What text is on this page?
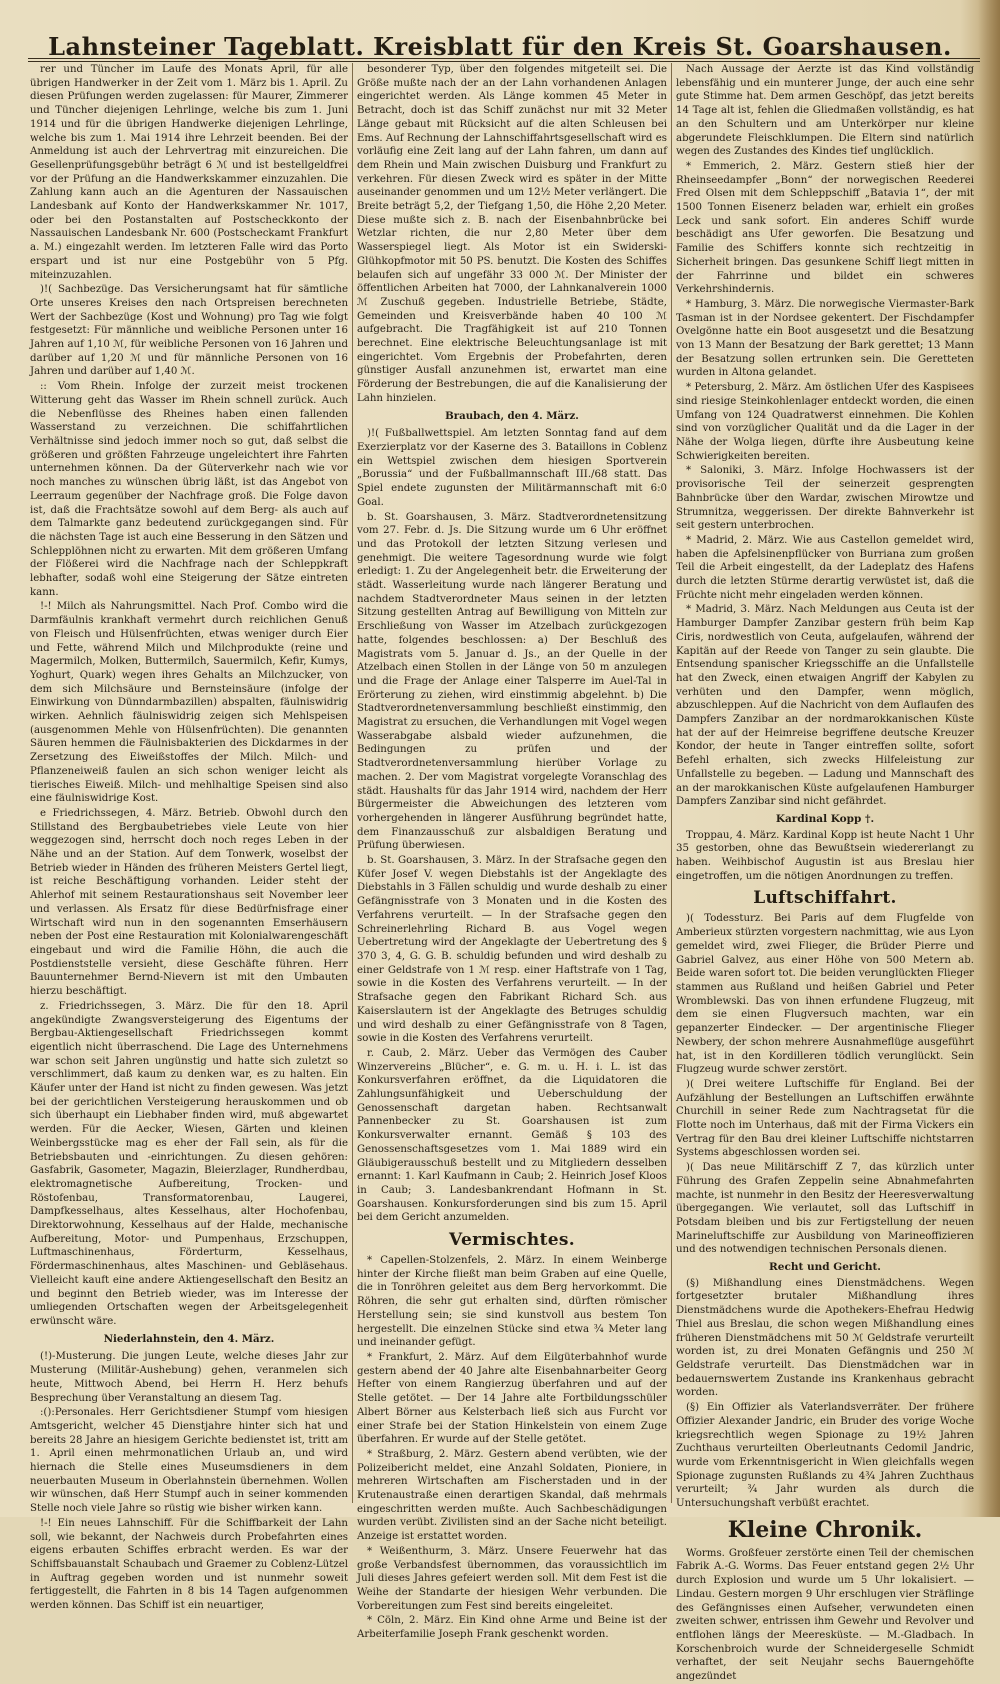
Lahnsteiner Tageblatt. Kreisblatt für den Kreis St. Goarshausen.

rer und Tüncher im Laufe des Monats April, für alle übrigen Handwerker in der Zeit vom 1. März bis 1. April. Zu diesen Prüfungen werden zugelassen: für Maurer, Zimmerer und Tüncher diejenigen Lehrlinge, welche bis zum 1. Juni 1914 und für die übrigen Handwerke diejenigen Lehrlinge, welche bis zum 1. Mai 1914 ihre Lehrzeit beenden. Bei der Anmeldung ist auch der Lehrvertrag mit einzureichen. Die Gesellenprüfungsgebühr beträgt 6 ℳ und ist bestellgeldfrei vor der Prüfung an die Handwerkskammer einzuzahlen. Die Zahlung kann auch an die Agenturen der Nassauischen Landesbank auf Konto der Handwerkskammer Nr. 1017, oder bei den Postanstalten auf Postscheckkonto der Nassauischen Landesbank Nr. 600 (Postscheckamt Frankfurt a. M.) eingezahlt werden. Im letzteren Falle wird das Porto erspart und ist nur eine Postgebühr von 5 Pfg. miteinzuzahlen.

)!( Sachbezüge. Das Versicherungsamt hat für sämtliche Orte unseres Kreises den nach Ortspreisen berechneten Wert der Sachbezüge (Kost und Wohnung) pro Tag wie folgt festgesetzt: Für männliche und weibliche Personen unter 16 Jahren auf 1,10 ℳ, für weibliche Personen von 16 Jahren und darüber auf 1,20 ℳ und für männliche Personen von 16 Jahren und darüber auf 1,40 ℳ.

:: Vom Rhein. Infolge der zurzeit meist trockenen Witterung geht das Wasser im Rhein schnell zurück. Auch die Nebenflüsse des Rheines haben einen fallenden Wasserstand zu verzeichnen. Die schiffahrtlichen Verhältnisse sind jedoch immer noch so gut, daß selbst die größeren und größten Fahrzeuge ungeleichtert ihre Fahrten unternehmen können. Da der Güterverkehr nach wie vor noch manches zu wünschen übrig läßt, ist das Angebot von Leerraum gegenüber der Nachfrage groß. Die Folge davon ist, daß die Frachtsätze sowohl auf dem Berg- als auch auf dem Talmarkte ganz bedeutend zurückgegangen sind. Für die nächsten Tage ist auch eine Besserung in den Sätzen und Schlepplöhnen nicht zu erwarten. Mit dem größeren Umfang der Flößerei wird die Nachfrage nach der Schleppkraft lebhafter, sodaß wohl eine Steigerung der Sätze eintreten kann.

!-! Milch als Nahrungsmittel. Nach Prof. Combo wird die Darmfäulnis krankhaft vermehrt durch reichlichen Genuß von Fleisch und Hülsenfrüchten, etwas weniger durch Eier und Fette, während Milch und Milchprodukte (reine und Magermilch, Molken, Buttermilch, Sauermilch, Kefir, Kumys, Yoghurt, Quark) wegen ihres Gehalts an Milchzucker, von dem sich Milchsäure und Bernsteinsäure (infolge der Einwirkung von Dünndarmbazillen) abspalten, fäulniswidrig wirken. Aehnlich fäulniswidrig zeigen sich Mehlspeisen (ausgenommen Mehle von Hülsenfrüchten). Die genannten Säuren hemmen die Fäulnisbakterien des Dickdarmes in der Zersetzung des Eiweißstoffes der Milch. Milch- und Pflanzeneiweiß faulen an sich schon weniger leicht als tierisches Eiweiß. Milch- und mehlhaltige Speisen sind also eine fäulniswidrige Kost.

e Friedrichssegen, 4. März. Betrieb. Obwohl durch den Stillstand des Bergbaubetriebes viele Leute von hier weggezogen sind, herrscht doch noch reges Leben in der Nähe und an der Station. Auf dem Tonwerk, woselbst der Betrieb wieder in Händen des früheren Meisters Gertel liegt, ist reiche Beschäftigung vorhanden. Leider steht der Ahlerhof mit seinem Restaurationshaus seit November leer und verlassen. Als Ersatz für diese Bedürfnisfrage einer Wirtschaft wird nun in den sogenannten Emserhäusern neben der Post eine Restauration mit Kolonialwarengeschäft eingebaut und wird die Familie Höhn, die auch die Postdienststelle versieht, diese Geschäfte führen. Herr Bauunternehmer Bernd-Nievern ist mit den Umbauten hierzu beschäftigt.

z. Friedrichssegen, 3. März. Die für den 18. April angekündigte Zwangsversteigerung des Eigentums der Bergbau-Aktiengesellschaft Friedrichssegen kommt eigentlich nicht überraschend. Die Lage des Unternehmens war schon seit Jahren ungünstig und hatte sich zuletzt so verschlimmert, daß kaum zu denken war, es zu halten. Ein Käufer unter der Hand ist nicht zu finden gewesen. Was jetzt bei der gerichtlichen Versteigerung herauskommen und ob sich überhaupt ein Liebhaber finden wird, muß abgewartet werden. Für die Aecker, Wiesen, Gärten und kleinen Weinbergsstücke mag es eher der Fall sein, als für die Betriebsbauten und -einrichtungen. Zu diesen gehören: Gasfabrik, Gasometer, Magazin, Bleierzlager, Rundherdbau, elektromagnetische Aufbereitung, Trocken- und Röstofenbau, Transformatorenbau, Laugerei, Dampfkesselhaus, altes Kesselhaus, alter Hochofenbau, Direktorwohnung, Kesselhaus auf der Halde, mechanische Aufbereitung, Motor- und Pumpenhaus, Erzschuppen, Luftmaschinenhaus, Förderturm, Kesselhaus, Fördermaschinenhaus, altes Maschinen- und Gebläsehaus. Vielleicht kauft eine andere Aktiengesellschaft den Besitz an und beginnt den Betrieb wieder, was im Interesse der umliegenden Ortschaften wegen der Arbeitsgelegenheit erwünscht wäre.

Niederlahnstein, den 4. März.

(!)-Musterung. Die jungen Leute, welche dieses Jahr zur Musterung (Militär-Aushebung) gehen, veranmelen sich heute, Mittwoch Abend, bei Herrn H. Herz behufs Besprechung über Veranstaltung an diesem Tag.

:():Personales. Herr Gerichtsdiener Stumpf vom hiesigen Amtsgericht, welcher 45 Dienstjahre hinter sich hat und bereits 28 Jahre an hiesigem Gerichte bedienstet ist, tritt am 1. April einen mehrmonatlichen Urlaub an, und wird hiernach die Stelle eines Museumsdieners in dem neuerbauten Museum in Oberlahnstein übernehmen. Wollen wir wünschen, daß Herr Stumpf auch in seiner kommenden Stelle noch viele Jahre so rüstig wie bisher wirken kann.

!-! Ein neues Lahnschiff. Für die Schiffbarkeit der Lahn soll, wie bekannt, der Nachweis durch Probefahrten eines eigens erbauten Schiffes erbracht werden. Es war der Schiffsbauanstalt Schaubach und Graemer zu Coblenz-Lützel in Auftrag gegeben worden und ist nunmehr soweit fertiggestellt, die Fahrten in 8 bis 14 Tagen aufgenommen werden können. Das Schiff ist ein neuartiger,

besonderer Typ, über den folgendes mitgeteilt sei. Die Größe mußte nach der an der Lahn vorhandenen Anlagen eingerichtet werden. Als Länge kommen 45 Meter in Betracht, doch ist das Schiff zunächst nur mit 32 Meter Länge gebaut mit Rücksicht auf die alten Schleusen bei Ems. Auf Rechnung der Lahnschiffahrtsgesellschaft wird es vorläufig eine Zeit lang auf der Lahn fahren, um dann auf dem Rhein und Main zwischen Duisburg und Frankfurt zu verkehren. Für diesen Zweck wird es später in der Mitte auseinander genommen und um 12½ Meter verlängert. Die Breite beträgt 5,2, der Tiefgang 1,50, die Höhe 2,20 Meter. Diese mußte sich z. B. nach der Eisenbahnbrücke bei Wetzlar richten, die nur 2,80 Meter über dem Wasserspiegel liegt. Als Motor ist ein Swiderski-Glühkopfmotor mit 50 PS. benutzt. Die Kosten des Schiffes belaufen sich auf ungefähr 33 000 ℳ. Der Minister der öffentlichen Arbeiten hat 7000, der Lahnkanalverein 1000 ℳ Zuschuß gegeben. Industrielle Betriebe, Städte, Gemeinden und Kreisverbände haben 40 100 ℳ aufgebracht. Die Tragfähigkeit ist auf 210 Tonnen berechnet. Eine elektrische Beleuchtungsanlage ist mit eingerichtet. Vom Ergebnis der Probefahrten, deren günstiger Ausfall anzunehmen ist, erwartet man eine Förderung der Bestrebungen, die auf die Kanalisierung der Lahn hinzielen.

Braubach, den 4. März.

)!( Fußballwettspiel. Am letzten Sonntag fand auf dem Exerzierplatz vor der Kaserne des 3. Bataillons in Coblenz ein Wettspiel zwischen dem hiesigen Sportverein „Borussia“ und der Fußballmannschaft III./68 statt. Das Spiel endete zugunsten der Militärmannschaft mit 6:0 Goal.

b. St. Goarshausen, 3. März. Stadtverordnetensitzung vom 27. Febr. d. Js. Die Sitzung wurde um 6 Uhr eröffnet und das Protokoll der letzten Sitzung verlesen und genehmigt. Die weitere Tagesordnung wurde wie folgt erledigt: 1. Zu der Angelegenheit betr. die Erweiterung der städt. Wasserleitung wurde nach längerer Beratung und nachdem Stadtverordneter Maus seinen in der letzten Sitzung gestellten Antrag auf Bewilligung von Mitteln zur Erschließung von Wasser im Atzelbach zurückgezogen hatte, folgendes beschlossen: a) Der Beschluß des Magistrats vom 5. Januar d. Js., an der Quelle in der Atzelbach einen Stollen in der Länge von 50 m anzulegen und die Frage der Anlage einer Talsperre im Auel-Tal in Erörterung zu ziehen, wird einstimmig abgelehnt. b) Die Stadtverordnetenversammlung beschließt einstimmig, den Magistrat zu ersuchen, die Verhandlungen mit Vogel wegen Wasserabgabe alsbald wieder aufzunehmen, die Bedingungen zu prüfen und der Stadtverordnetenversammlung hierüber Vorlage zu machen. 2. Der vom Magistrat vorgelegte Voranschlag des städt. Haushalts für das Jahr 1914 wird, nachdem der Herr Bürgermeister die Abweichungen des letzteren vom vorhergehenden in längerer Ausführung begründet hatte, dem Finanzausschuß zur alsbaldigen Beratung und Prüfung überwiesen.

b. St. Goarshausen, 3. März. In der Strafsache gegen den Küfer Josef V. wegen Diebstahls ist der Angeklagte des Diebstahls in 3 Fällen schuldig und wurde deshalb zu einer Gefängnisstrafe von 3 Monaten und in die Kosten des Verfahrens verurteilt. — In der Strafsache gegen den Schreinerlehrling Richard B. aus Vogel wegen Uebertretung wird der Angeklagte der Uebertretung des § 370 3, 4, G. G. B. schuldig befunden und wird deshalb zu einer Geldstrafe von 1 ℳ resp. einer Haftstrafe von 1 Tag, sowie in die Kosten des Verfahrens verurteilt. — In der Strafsache gegen den Fabrikant Richard Sch. aus Kaiserslautern ist der Angeklagte des Betruges schuldig und wird deshalb zu einer Gefängnisstrafe von 8 Tagen, sowie in die Kosten des Verfahrens verurteilt.

r. Caub, 2. März. Ueber das Vermögen des Cauber Winzervereins „Blücher“, e. G. m. u. H. i. L. ist das Konkursverfahren eröffnet, da die Liquidatoren die Zahlungsunfähigkeit und Ueberschuldung der Genossenschaft dargetan haben. Rechtsanwalt Pannenbecker zu St. Goarshausen ist zum Konkursverwalter ernannt. Gemäß § 103 des Genossenschaftsgesetzes vom 1. Mai 1889 wird ein Gläubigerausschuß bestellt und zu Mitgliedern desselben ernannt: 1. Karl Kaufmann in Caub; 2. Heinrich Josef Kloos in Caub; 3. Landesbankrendant Hofmann in St. Goarshausen. Konkursforderungen sind bis zum 15. April bei dem Gericht anzumelden.

Vermischtes.

* Capellen-Stolzenfels, 2. März. In einem Weinberge hinter der Kirche fließt man beim Graben auf eine Quelle, die in Tonröhren geleitet aus dem Berg hervorkommt. Die Röhren, die sehr gut erhalten sind, dürften römischer Herstellung sein; sie sind kunstvoll aus bestem Ton hergestellt. Die einzelnen Stücke sind etwa ¾ Meter lang und ineinander gefügt.

* Frankfurt, 2. März. Auf dem Eilgüterbahnhof wurde gestern abend der 40 Jahre alte Eisenbahnarbeiter Georg Hefter von einem Rangierzug überfahren und auf der Stelle getötet. — Der 14 Jahre alte Fortbildungsschüler Albert Börner aus Kelsterbach ließ sich aus Furcht vor einer Strafe bei der Station Hinkelstein von einem Zuge überfahren. Er wurde auf der Stelle getötet.

* Straßburg, 2. März. Gestern abend verübten, wie der Polizeibericht meldet, eine Anzahl Soldaten, Pioniere, in mehreren Wirtschaften am Fischerstaden und in der Krutenaustraße einen derartigen Skandal, daß mehrmals eingeschritten werden mußte. Auch Sachbeschädigungen wurden verübt. Zivilisten sind an der Sache nicht beteiligt. Anzeige ist erstattet worden.

* Weißenthurm, 3. März. Unsere Feuerwehr hat das große Verbandsfest übernommen, das voraussichtlich im Juli dieses Jahres gefeiert werden soll. Mit dem Fest ist die Weihe der Standarte der hiesigen Wehr verbunden. Die Vorbereitungen zum Fest sind bereits eingeleitet.

* Cöln, 2. März. Ein Kind ohne Arme und Beine ist der Arbeiterfamilie Joseph Frank geschenkt worden.

Nach Aussage der Aerzte ist das Kind vollständig lebensfähig und ein munterer Junge, der auch eine sehr gute Stimme hat. Dem armen Geschöpf, das jetzt bereits 14 Tage alt ist, fehlen die Gliedmaßen vollständig, es hat an den Schultern und am Unterkörper nur kleine abgerundete Fleischklumpen. Die Eltern sind natürlich wegen des Zustandes des Kindes tief unglücklich.

* Emmerich, 2. März. Gestern stieß hier der Rheinseedampfer „Bonn“ der norwegischen Reederei Fred Olsen mit dem Schleppschiff „Batavia 1“, der mit 1500 Tonnen Eisenerz beladen war, erhielt ein großes Leck und sank sofort. Ein anderes Schiff wurde beschädigt ans Ufer geworfen. Die Besatzung und Familie des Schiffers konnte sich rechtzeitig in Sicherheit bringen. Das gesunkene Schiff liegt mitten in der Fahrrinne und bildet ein schweres Verkehrshindernis.

* Hamburg, 3. März. Die norwegische Viermaster-Bark Tasman ist in der Nordsee gekentert. Der Fischdampfer Ovelgönne hatte ein Boot ausgesetzt und die Besatzung von 13 Mann der Besatzung der Bark gerettet; 13 Mann der Besatzung sollen ertrunken sein. Die Geretteten wurden in Altona gelandet.

* Petersburg, 2. März. Am östlichen Ufer des Kaspisees sind riesige Steinkohlenlager entdeckt worden, die einen Umfang von 124 Quadratwerst einnehmen. Die Kohlen sind von vorzüglicher Qualität und da die Lager in der Nähe der Wolga liegen, dürfte ihre Ausbeutung keine Schwierigkeiten bereiten.

* Saloniki, 3. März. Infolge Hochwassers ist der provisorische Teil der seinerzeit gesprengten Bahnbrücke über den Wardar, zwischen Mirowtze und Strumnitza, weggerissen. Der direkte Bahnverkehr ist seit gestern unterbrochen.

* Madrid, 2. März. Wie aus Castellon gemeldet wird, haben die Apfelsinenpflücker von Burriana zum großen Teil die Arbeit eingestellt, da der Ladeplatz des Hafens durch die letzten Stürme derartig verwüstet ist, daß die Früchte nicht mehr eingeladen werden können.

* Madrid, 3. März. Nach Meldungen aus Ceuta ist der Hamburger Dampfer Zanzibar gestern früh beim Kap Ciris, nordwestlich von Ceuta, aufgelaufen, während der Kapitän auf der Reede von Tanger zu sein glaubte. Die Entsendung spanischer Kriegsschiffe an die Unfallstelle hat den Zweck, einen etwaigen Angriff der Kabylen zu verhüten und den Dampfer, wenn möglich, abzuschleppen. Auf die Nachricht von dem Auflaufen des Dampfers Zanzibar an der nordmarokkanischen Küste hat der auf der Heimreise begriffene deutsche Kreuzer Kondor, der heute in Tanger eintreffen sollte, sofort Befehl erhalten, sich zwecks Hilfeleistung zur Unfallstelle zu begeben. — Ladung und Mannschaft des an der marokkanischen Küste aufgelaufenen Hamburger Dampfers Zanzibar sind nicht gefährdet.

Kardinal Kopp †.

Troppau, 4. März. Kardinal Kopp ist heute Nacht 1 Uhr 35 gestorben, ohne das Bewußtsein wiedererlangt zu haben. Weihbischof Augustin ist aus Breslau hier eingetroffen, um die nötigen Anordnungen zu treffen.

Luftschiffahrt.

)( Todessturz. Bei Paris auf dem Flugfelde von Amberieux stürzten vorgestern nachmittag, wie aus Lyon gemeldet wird, zwei Flieger, die Brüder Pierre und Gabriel Galvez, aus einer Höhe von 500 Metern ab. Beide waren sofort tot. Die beiden verunglückten Flieger stammen aus Rußland und heißen Gabriel und Peter Wromblewski. Das von ihnen erfundene Flugzeug, mit dem sie einen Flugversuch machten, war ein gepanzerter Eindecker. — Der argentinische Flieger Newbery, der schon mehrere Ausnahmeflüge ausgeführt hat, ist in den Kordilleren tödlich verunglückt. Sein Flugzeug wurde schwer zerstört.

)( Drei weitere Luftschiffe für England. Bei der Aufzählung der Bestellungen an Luftschiffen erwähnte Churchill in seiner Rede zum Nachtragsetat für die Flotte noch im Unterhaus, daß mit der Firma Vickers ein Vertrag für den Bau drei kleiner Luftschiffe nichtstarren Systems abgeschlossen worden sei.

)( Das neue Militärschiff Z 7, das kürzlich unter Führung des Grafen Zeppelin seine Abnahmefahrten machte, ist nunmehr in den Besitz der Heeresverwaltung übergegangen. Wie verlautet, soll das Luftschiff in Potsdam bleiben und bis zur Fertigstellung der neuen Marineluftschiffe zur Ausbildung von Marineoffizieren und des notwendigen technischen Personals dienen.

Recht und Gericht.

(§) Mißhandlung eines Dienstmädchens. Wegen fortgesetzter brutaler Mißhandlung ihres Dienstmädchens wurde die Apothekers-Ehefrau Hedwig Thiel aus Breslau, die schon wegen Mißhandlung eines früheren Dienstmädchens mit 50 ℳ Geldstrafe verurteilt worden ist, zu drei Monaten Gefängnis und 250 ℳ Geldstrafe verurteilt. Das Dienstmädchen war in bedauernswertem Zustande ins Krankenhaus gebracht worden.

(§) Ein Offizier als Vaterlandsverräter. Der frühere Offizier Alexander Jandric, ein Bruder des vorige Woche kriegsrechtlich wegen Spionage zu 19½ Jahren Zuchthaus verurteilten Oberleutnants Cedomil Jandric, wurde vom Erkenntnisgericht in Wien gleichfalls wegen Spionage zugunsten Rußlands zu 4¾ Jahren Zuchthaus verurteilt; ¾ Jahr wurden als durch die Untersuchungshaft verbüßt erachtet.

Kleine Chronik.

Worms. Großfeuer zerstörte einen Teil der chemischen Fabrik A.-G. Worms. Das Feuer entstand gegen 2½ Uhr durch Explosion und wurde um 5 Uhr lokalisiert. — Lindau. Gestern morgen 9 Uhr erschlugen vier Sträflinge des Gefängnisses einen Aufseher, verwundeten einen zweiten schwer, entrissen ihm Gewehr und Revolver und entflohen längs der Meeresküste. — M.-Gladbach. In Korschenbroich wurde der Schneidergeselle Schmidt verhaftet, der seit Neujahr sechs Bauerngehöfte angezündet
